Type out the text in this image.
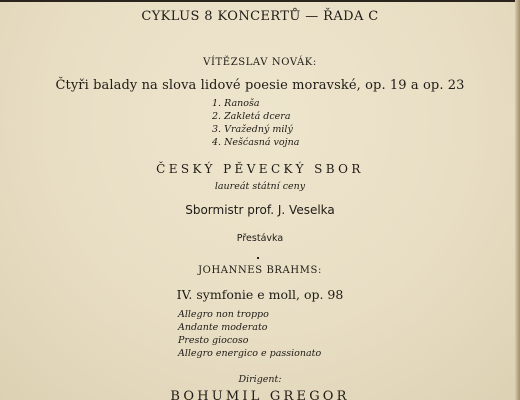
CYKLUS 8 KONCERTŮ — ŘADA C
VÍTĚZSLAV NOVÁK:
Čtyři balady na slova lidové poesie moravské, op. 19 a op. 23
1. Ranoša
2. Zakletá dcera
3. Vražedný milý
4. Nešćasná vojna
ČESKÝ PĚVECKÝ SBOR
laureát státní ceny
Sbormistr prof. J. Veselka
Přestávka
JOHANNES BRAHMS:
IV. symfonie e moll, op. 98
Allegro non troppo
Andante moderato
Presto giocoso
Allegro energico e passionato
Dirigent:
BOHUMIL GREGOR
